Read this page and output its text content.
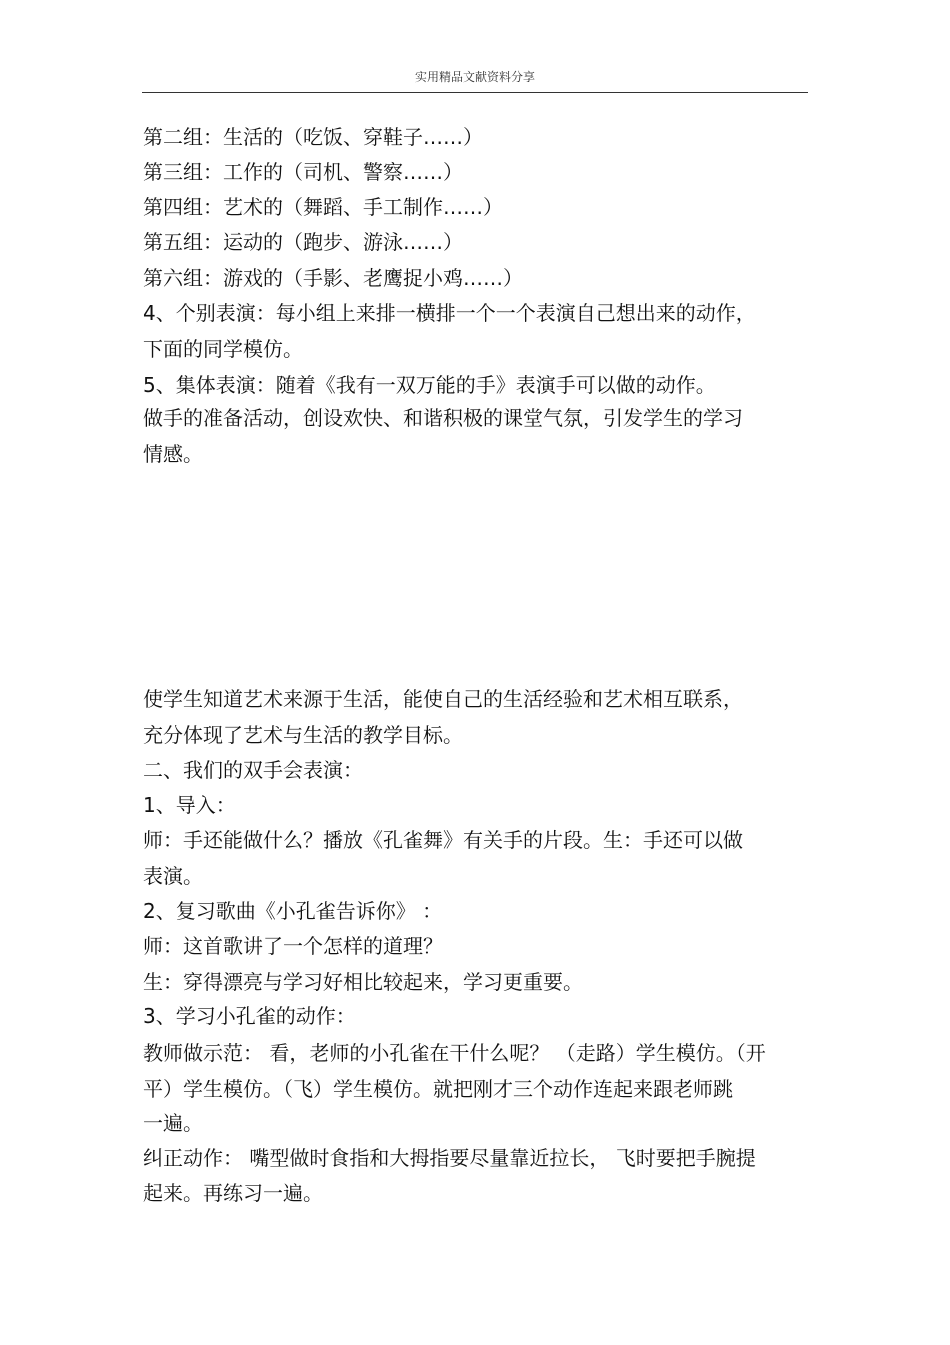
实用精品文献资料分享
第二组：生活的（吃饭、穿鞋子……）
第三组：工作的（司机、警察……）
第四组：艺术的（舞蹈、手工制作……）
第五组：运动的（跑步、游泳……）
第六组：游戏的（手影、老鹰捉小鸡……）
4、个别表演：每小组上来排一横排一个一个表演自己想出来的动作，
下面的同学模仿。
5、集体表演：随着《我有一双万能的手》表演手可以做的动作。
做手的准备活动，创设欢快、和谐积极的课堂气氛，引发学生的学习
情感。
使学生知道艺术来源于生活，能使自己的生活经验和艺术相互联系，
充分体现了艺术与生活的教学目标。
二、我们的双手会表演：
1、导入：
师：手还能做什么？播放《孔雀舞》有关手的片段。生：手还可以做
表演。
2、复习歌曲《小孔雀告诉你》 ：
师：这首歌讲了一个怎样的道理？
生：穿得漂亮与学习好相比较起来，学习更重要。
3、学习小孔雀的动作：
教师做示范： 看，老师的小孔雀在干什么呢？ （走路）学生模仿。（开
平）学生模仿。（飞）学生模仿。就把刚才三个动作连起来跟老师跳
一遍。
纠正动作： 嘴型做时食指和大拇指要尽量靠近拉长， 飞时要把手腕提
起来。再练习一遍。
